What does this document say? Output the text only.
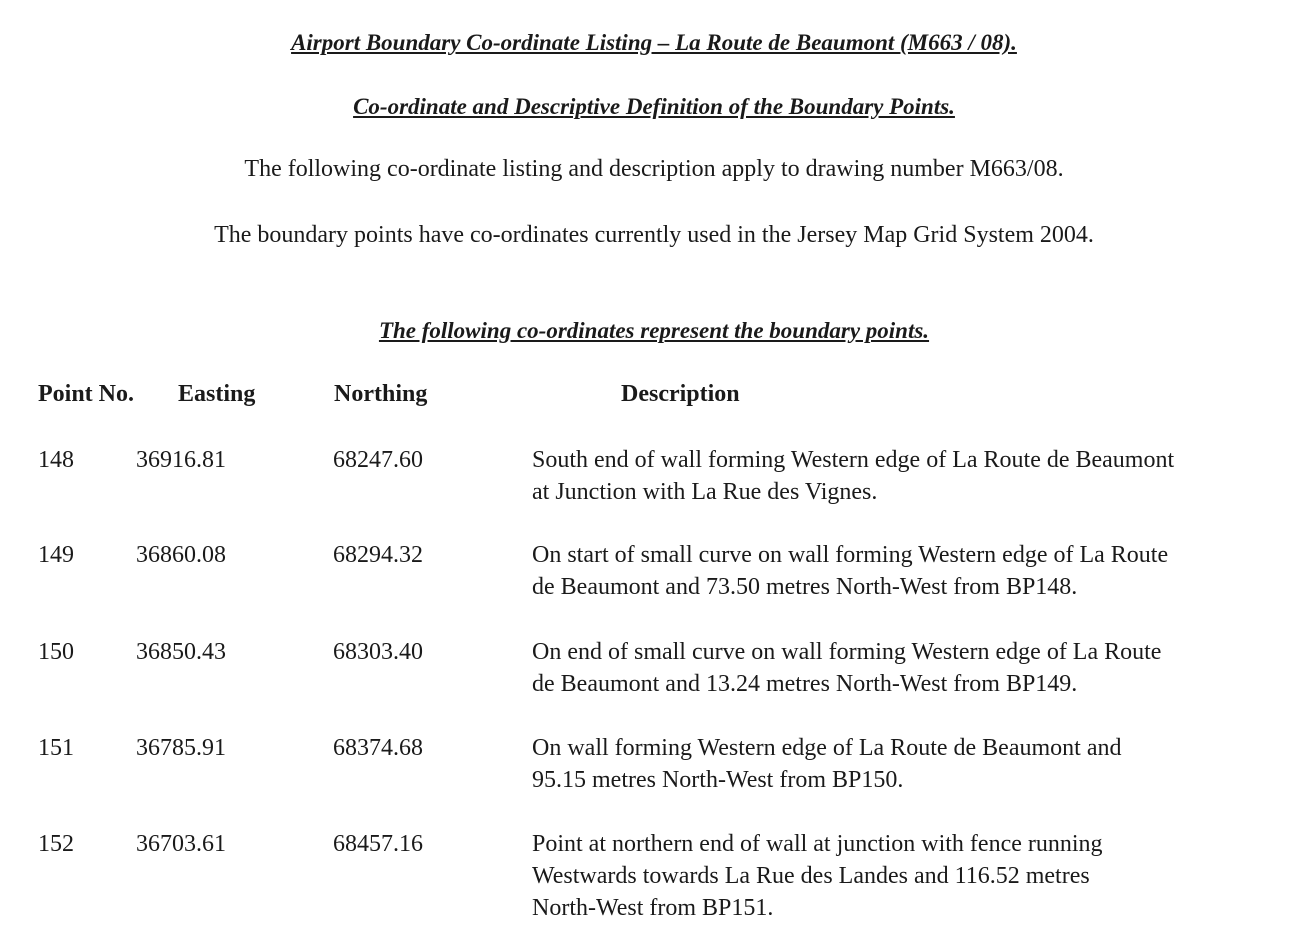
Airport Boundary Co-ordinate Listing – La Route de Beaumont (M663 / 08).
Co-ordinate and Descriptive Definition of the Boundary Points.
The following co-ordinate listing and description apply to drawing number M663/08.
The boundary points have co-ordinates currently used in the Jersey Map Grid System 2004.
The following co-ordinates represent the boundary points.
Point No. Easting	Northing	Description
148	36916.81	68247.60	South end of wall forming Western edge of La Route de Beaumont
at Junction with La Rue des Vignes.
149	36860.08	68294.32	On start of small curve on wall forming Western edge of La Route
de Beaumont and 73.50 metres North-West from BP148.
150	36850.43	68303.40	On end of small curve on wall forming Western edge of La Route
de Beaumont and 13.24 metres North-West from BP149.
151	36785.91	68374.68	On wall forming Western edge of La Route de Beaumont and
95.15 metres North-West from BP150.
152	36703.61	68457.16	Point at northern end of wall at junction with fence running
Westwards towards La Rue des Landes and 116.52 metres
North-West from BP151.
